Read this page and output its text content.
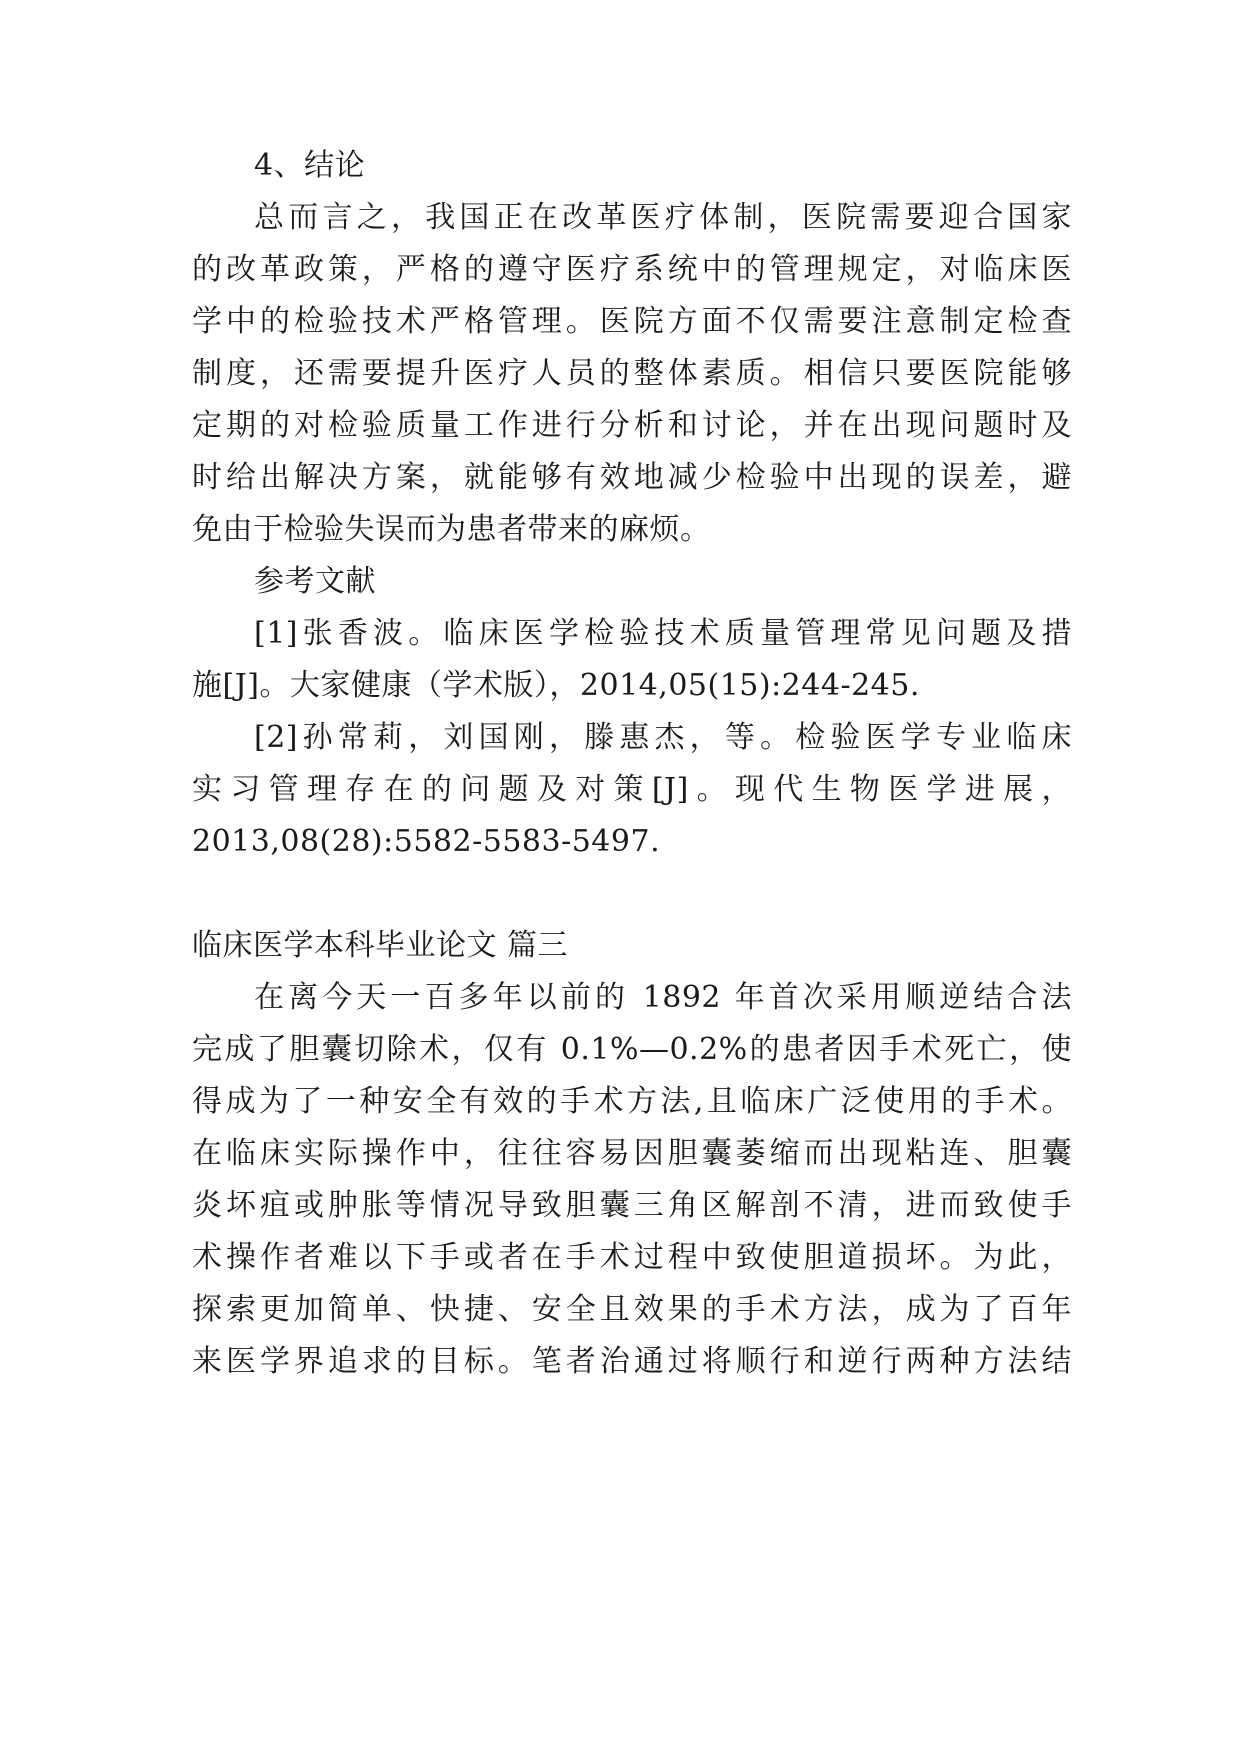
4、结论
总而言之，我国正在改革医疗体制，医院需要迎合国家
的改革政策，严格的遵守医疗系统中的管理规定，对临床医
学中的检验技术严格管理。医院方面不仅需要注意制定检查
制度，还需要提升医疗人员的整体素质。相信只要医院能够
定期的对检验质量工作进行分析和讨论，并在出现问题时及
时给出解决方案，就能够有效地减少检验中出现的误差，避
免由于检验失误而为患者带来的麻烦。
参考文献
[1]张香波。临床医学检验技术质量管理常见问题及措
施[J]。大家健康（学术版），2014,05(15):244-245.
[2]孙常莉，刘国刚，滕惠杰，等。检验医学专业临床
实习管理存在的问题及对策[J]。现代生物医学进展，
2013,08(28):5582-5583-5497.
临床医学本科毕业论文 篇三
在离今天一百多年以前的 1892 年首次采用顺逆结合法
完成了胆囊切除术，仅有 0.1%—0.2%的患者因手术死亡，使
得成为了一种安全有效的手术方法,且临床广泛使用的手术。
在临床实际操作中，往往容易因胆囊萎缩而出现粘连、胆囊
炎坏疽或肿胀等情况导致胆囊三角区解剖不清，进而致使手
术操作者难以下手或者在手术过程中致使胆道损坏。为此，
探索更加简单、快捷、安全且效果的手术方法，成为了百年
来医学界追求的目标。笔者治通过将顺行和逆行两种方法结
